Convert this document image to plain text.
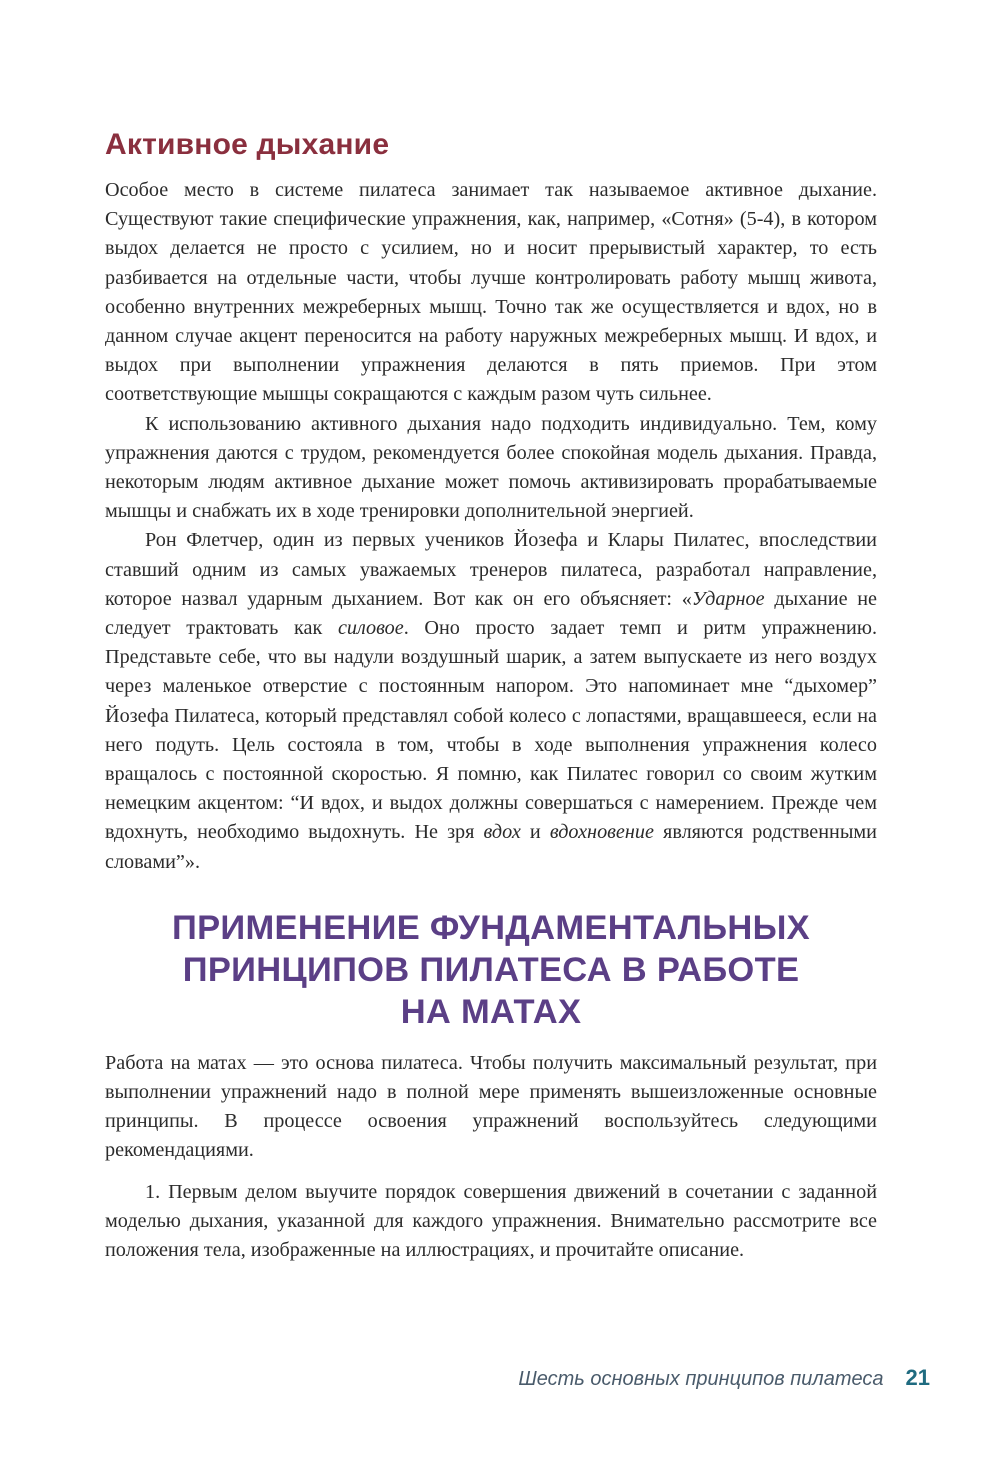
Активное дыхание

Особое место в системе пилатеса занимает так называемое активное дыхание. Существуют такие специфические упражнения, как, например, «Сотня» (5-4), в котором выдох делается не просто с усилием, но и носит прерывистый характер, то есть разбивается на отдельные части, чтобы лучше контролировать работу мышц живота, особенно внутренних межреберных мышц. Точно так же осуществляется и вдох, но в данном случае акцент переносится на работу наружных межреберных мышц. И вдох, и выдох при выполнении упражнения делаются в пять приемов. При этом соответствующие мышцы сокращаются с каждым разом чуть сильнее.

К использованию активного дыхания надо подходить индивидуально. Тем, кому упражнения даются с трудом, рекомендуется более спокойная модель дыхания. Правда, некоторым людям активное дыхание может помочь активизировать прорабатываемые мышцы и снабжать их в ходе тренировки дополнительной энергией.

Рон Флетчер, один из первых учеников Йозефа и Клары Пилатес, впоследствии ставший одним из самых уважаемых тренеров пилатеса, разработал направление, которое назвал ударным дыханием. Вот как он его объясняет: «Ударное дыхание не следует трактовать как силовое. Оно просто задает темп и ритм упражнению. Представьте себе, что вы надули воздушный шарик, а затем выпускаете из него воздух через маленькое отверстие с постоянным напором. Это напоминает мне “дыхомер” Йозефа Пилатеса, который представлял собой колесо с лопастями, вращавшееся, если на него подуть. Цель состояла в том, чтобы в ходе выполнения упражнения колесо вращалось с постоянной скоростью. Я помню, как Пилатес говорил со своим жутким немецким акцентом: “И вдох, и выдох должны совершаться с намерением. Прежде чем вдохнуть, необходимо выдохнуть. Не зря вдох и вдохновение являются родственными словами”».

ПРИМЕНЕНИЕ ФУНДАМЕНТАЛЬНЫХ
ПРИНЦИПОВ ПИЛАТЕСА В РАБОТЕ
НА МАТАХ

Работа на матах — это основа пилатеса. Чтобы получить максимальный результат, при выполнении упражнений надо в полной мере применять вышеизложенные основные принципы. В процессе освоения упражнений воспользуйтесь следующими рекомендациями.

1. Первым делом выучите порядок совершения движений в сочетании с заданной моделью дыхания, указанной для каждого упражнения. Внимательно рассмотрите все положения тела, изображенные на иллюстрациях, и прочитайте описание.

Шесть основных принципов пилатеса 21
